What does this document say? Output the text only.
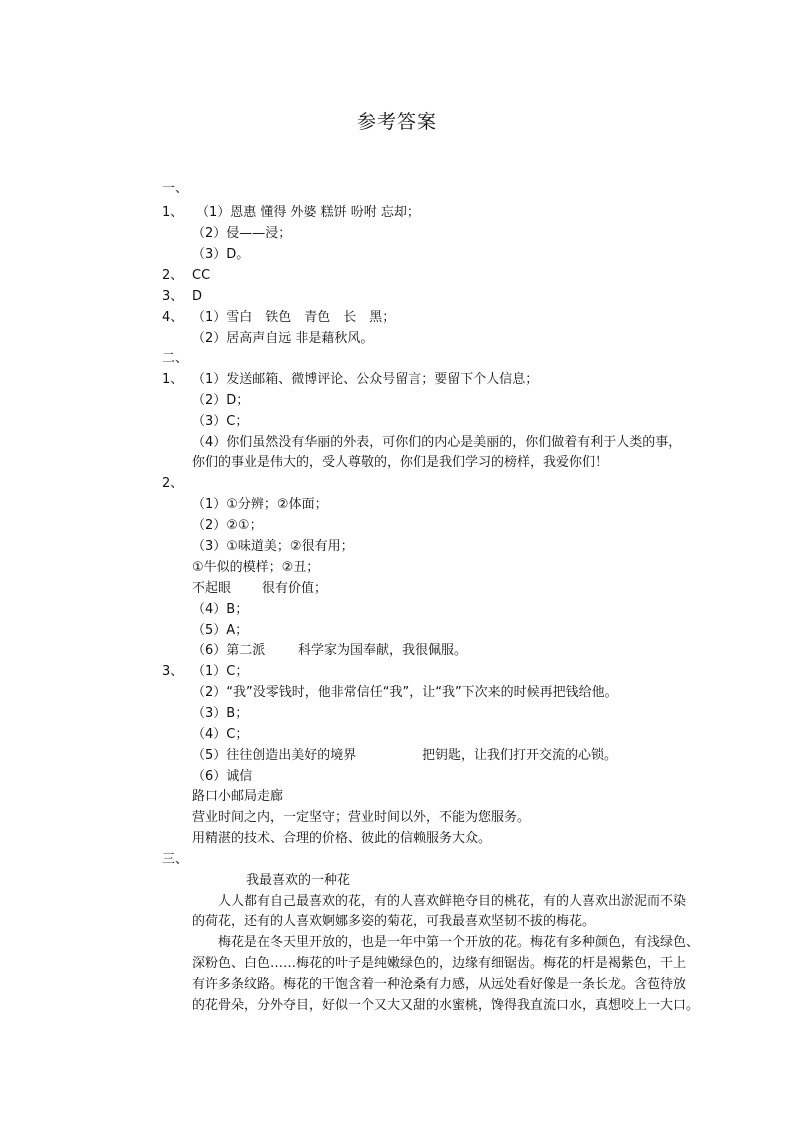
参考答案
一、
1、 （1）恩惠 懂得 外婆 糕饼 吩咐 忘却；
（2）侵——浸；
（3）D。
2、 CC
3、 D
4、 （1）雪白　铁色　青色　长　黑；
（2）居高声自远 非是藉秋风。
二、
1、 （1）发送邮箱、微博评论、公众号留言；要留下个人信息；
（2）D；
（3）C；
（4）你们虽然没有华丽的外表，可你们的内心是美丽的，你们做着有利于人类的事，
你们的事业是伟大的，受人尊敬的，你们是我们学习的榜样，我爱你们！
2、
（1）①分辨；②体面；
（2）②①；
（3）①味道美；②很有用；
①牛似的模样；②丑；
不起眼 很有价值；
（4）B；
（5）A；
（6）第二派	科学家为国奉献，我很佩服。
3、 （1）C；
（2）“我”没零钱时，他非常信任“我”，让“我”下次来的时候再把钱给他。
（3）B；
（4）C；
（5）往往创造出美好的境界	把钥匙，让我们打开交流的心锁。
（6）诚信
路口小邮局走廊
营业时间之内，一定坚守；营业时间以外，不能为您服务。
用精湛的技术、合理的价格、彼此的信赖服务大众。
三、
我最喜欢的一种花
人人都有自己最喜欢的花，有的人喜欢鲜艳夺目的桃花，有的人喜欢出淤泥而不染
的荷花，还有的人喜欢婀娜多姿的菊花，可我最喜欢坚韧不拔的梅花。
梅花是在冬天里开放的，也是一年中第一个开放的花。梅花有多种颜色，有浅绿色、
深粉色、白色……梅花的叶子是纯嫩绿色的，边缘有细锯齿。梅花的杆是褐紫色，干上
有许多条纹路。梅花的干饱含着一种沧桑有力感，从远处看好像是一条长龙。含苞待放
的花骨朵，分外夺目，好似一个又大又甜的水蜜桃，馋得我直流口水，真想咬上一大口。
